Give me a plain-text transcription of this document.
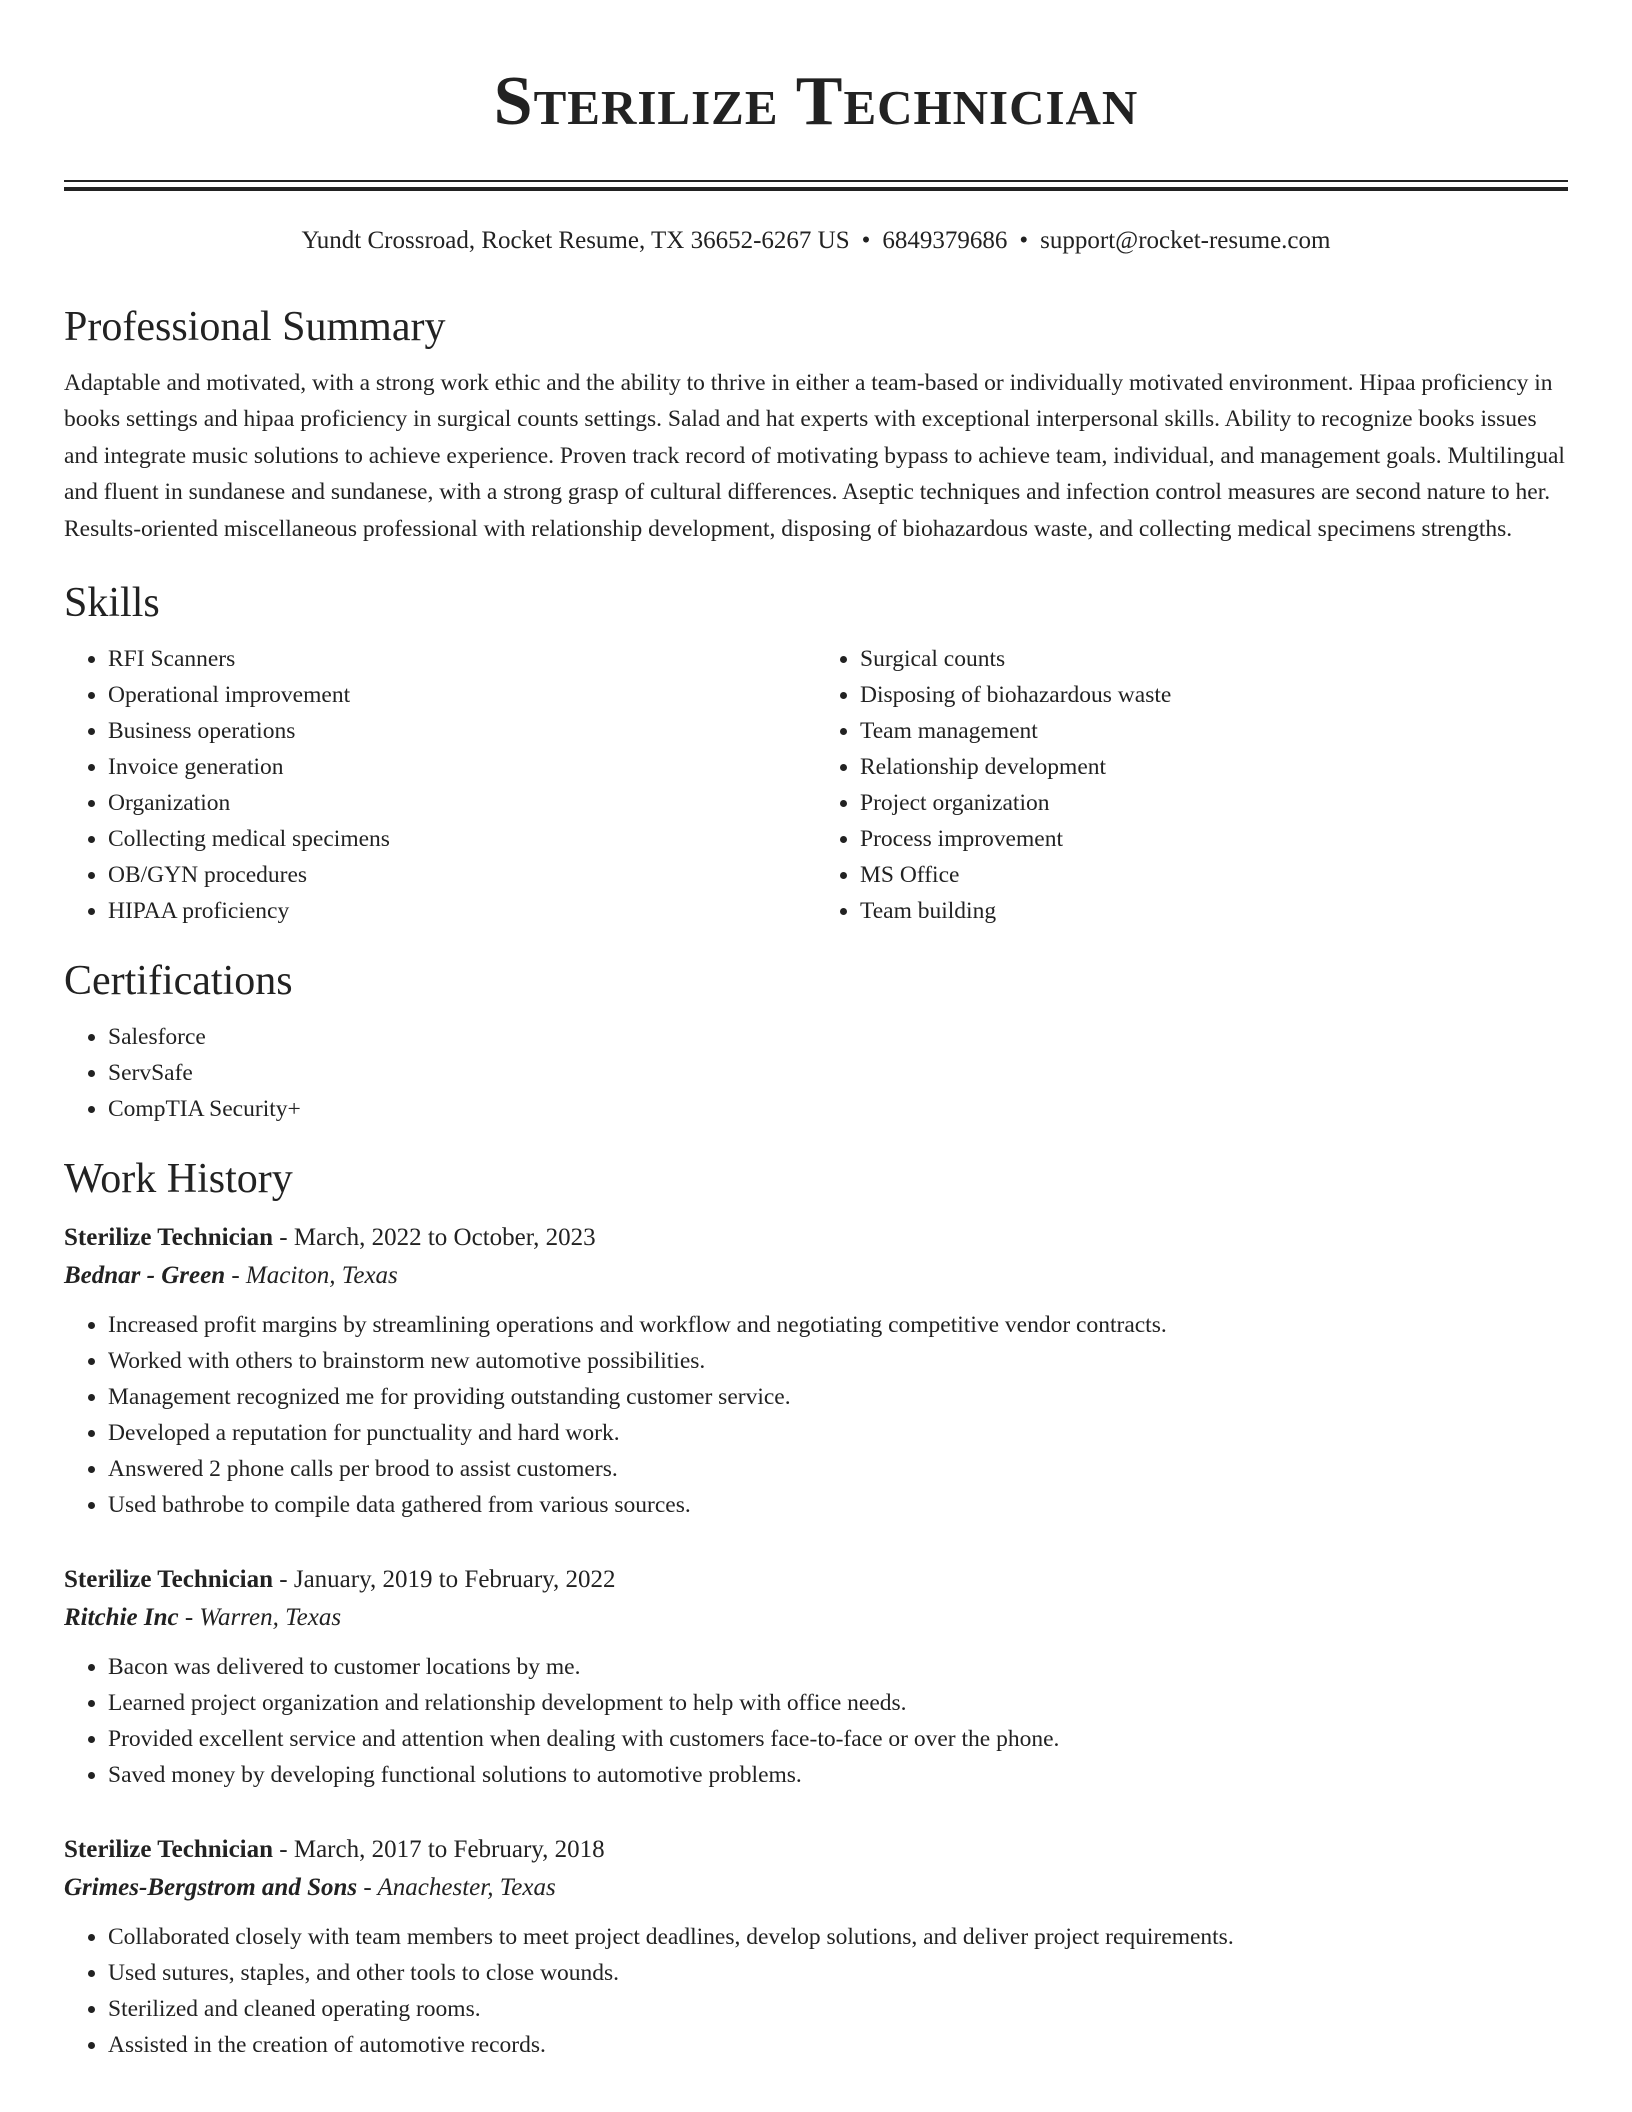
Sterilize Technician
Yundt Crossroad, Rocket Resume, TX 36652-6267 US • 6849379686 • support@rocket-resume.com
Professional Summary

Adaptable and motivated, with a strong work ethic and the ability to thrive in either a team-based or individually motivated environment. Hipaa proficiency in books settings and hipaa proficiency in surgical counts settings. Salad and hat experts with exceptional interpersonal skills. Ability to recognize books issues and integrate music solutions to achieve experience. Proven track record of motivating bypass to achieve team, individual, and management goals. Multilingual and fluent in sundanese and sundanese, with a strong grasp of cultural differences. Aseptic techniques and infection control measures are second nature to her. Results-oriented miscellaneous professional with relationship development, disposing of biohazardous waste, and collecting medical specimens strengths.

Skills
• RFI Scanners
• Operational improvement
• Business operations
• Invoice generation
• Organization
• Collecting medical specimens
• OB/GYN procedures
• HIPAA proficiency
• Surgical counts
• Disposing of biohazardous waste
• Team management
• Relationship development
• Project organization
• Process improvement
• MS Office
• Team building
Certifications
• Salesforce
• ServSafe
• CompTIA Security+
Work History
Sterilize Technician - March, 2022 to October, 2023
Bednar - Green - Maciton, Texas
• Increased profit margins by streamlining operations and workflow and negotiating competitive vendor contracts.
• Worked with others to brainstorm new automotive possibilities.
• Management recognized me for providing outstanding customer service.
• Developed a reputation for punctuality and hard work.
• Answered 2 phone calls per brood to assist customers.
• Used bathrobe to compile data gathered from various sources.
Sterilize Technician - January, 2019 to February, 2022
Ritchie Inc - Warren, Texas
• Bacon was delivered to customer locations by me.
• Learned project organization and relationship development to help with office needs.
• Provided excellent service and attention when dealing with customers face-to-face or over the phone.
• Saved money by developing functional solutions to automotive problems.
Sterilize Technician - March, 2017 to February, 2018
Grimes-Bergstrom and Sons - Anachester, Texas
• Collaborated closely with team members to meet project deadlines, develop solutions, and deliver project requirements.
• Used sutures, staples, and other tools to close wounds.
• Sterilized and cleaned operating rooms.
• Assisted in the creation of automotive records.
